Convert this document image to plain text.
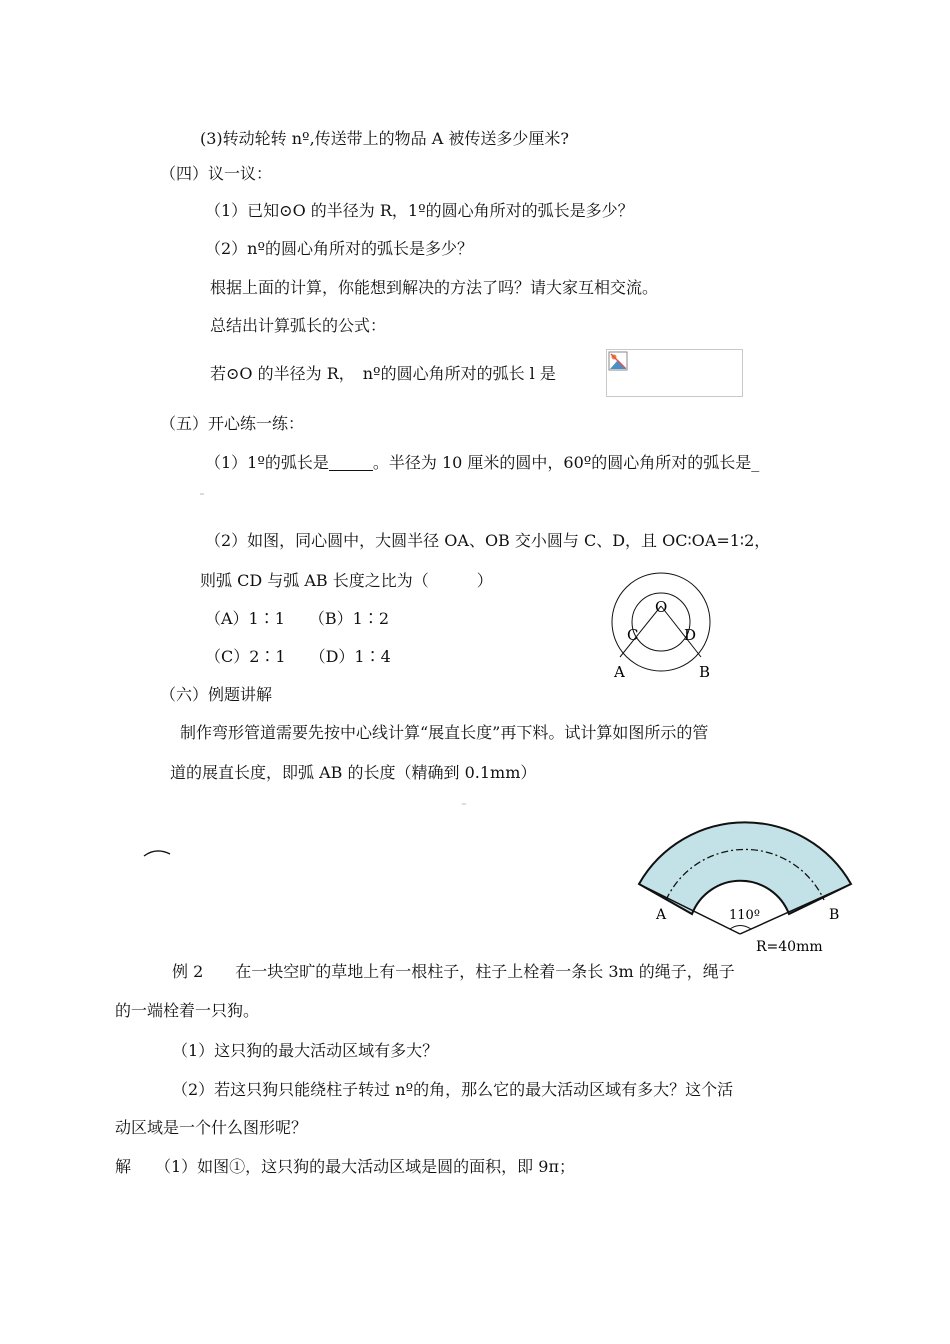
(3)转动轮转 nº,传送带上的物品 A 被传送多少厘米?
（四）议一议：
（1）已知⊙O 的半径为 R，1º的圆心角所对的弧长是多少？
（2）nº的圆心角所对的弧长是多少？
根据上面的计算，你能想到解决的方法了吗？请大家互相交流。
总结出计算弧长的公式：
若⊙O 的半径为 R，　nº的圆心角所对的弧长 l 是
（五）开心练一练：
（1）1º的弧长是	。半径为 10 厘米的圆中，60º的圆心角所对的弧长是_
（2）如图，同心圆中，大圆半径 OA、OB 交小圆与 C、D，且 OC∶OA=1∶2，
则弧 CD 与弧 AB 长度之比为（　　　）
（A）1∶1　　（B）1∶2
（C）2∶1　　（D）1∶4
O
C	D
A	B
（六）例题讲解
制作弯形管道需要先按中心线计算“展直长度”再下料。试计算如图所示的管
道的展直长度，即弧 AB 的长度（精确到 0.1mm）
A	B
110º
R=40mm
例 2　　在一块空旷的草地上有一根柱子，柱子上栓着一条长 3m 的绳子，绳子
的一端栓着一只狗。
（1）这只狗的最大活动区域有多大？
（2）若这只狗只能绕柱子转过 nº的角，那么它的最大活动区域有多大？这个活
动区域是一个什么图形呢？
解　　（1）如图①，这只狗的最大活动区域是圆的面积，即 9π；
